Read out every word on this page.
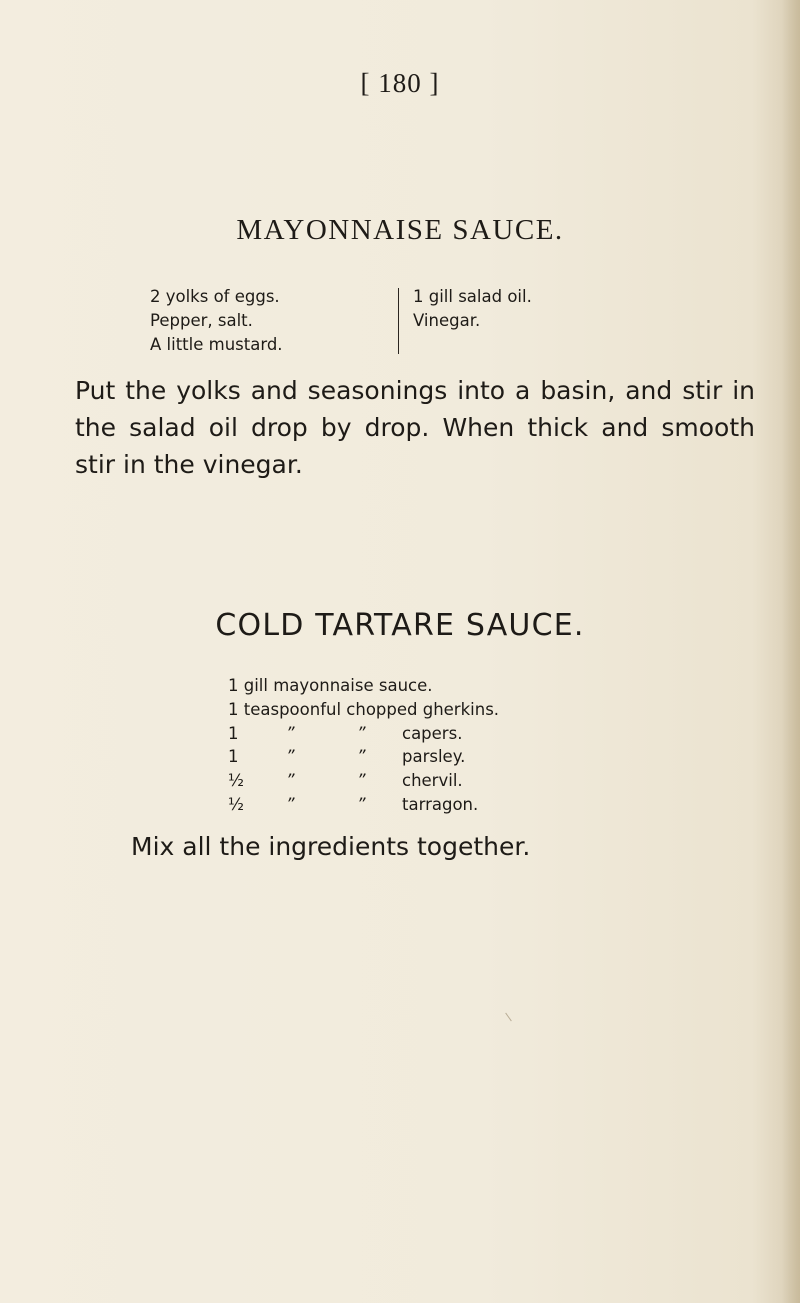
[ 180 ]
MAYONNAISE SAUCE.
2 yolks of eggs.
Pepper, salt.
A little mustard.
1 gill salad oil.
Vinegar.

Put the yolks and seasonings into a basin, and stir in the salad oil drop by drop. When thick and smooth stir in the vinegar.

COLD TARTARE SAUCE.
1 gill mayonnaise sauce.
1 teaspoonful chopped gherkins.
1	”	” capers.
1	”	” parsley.
½	”	” chervil.
½	”	” tarragon.
Mix all the ingredients together.
